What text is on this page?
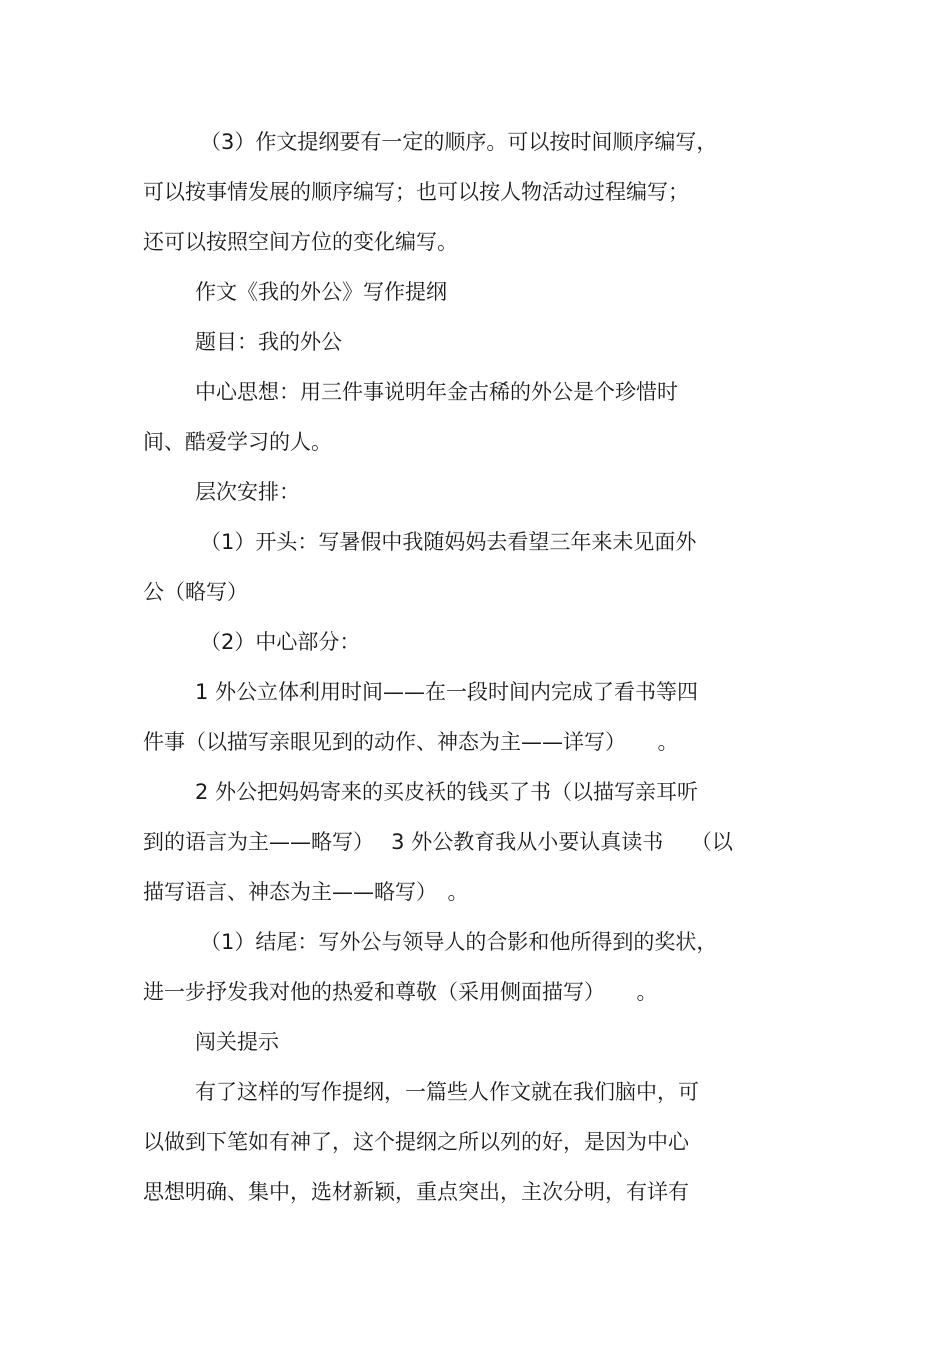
（3）作文提纲要有一定的顺序。可以按时间顺序编写，
可以按事情发展的顺序编写；也可以按人物活动过程编写；
还可以按照空间方位的变化编写。
作文《我的外公》写作提纲
题目：我的外公
中心思想：用三件事说明年金古稀的外公是个珍惜时
间、酷爱学习的人。
层次安排：
（1）开头：写暑假中我随妈妈去看望三年来未见面外
公（略写）
（2）中心部分：
1 外公立体利用时间——在一段时间内完成了看书等四
件事（以描写亲眼见到的动作、神态为主——详写）　　。
2 外公把妈妈寄来的买皮袄的钱买了书（以描写亲耳听
到的语言为主——略写）　 3 外公教育我从小要认真读书　 （以
描写语言、神态为主——略写）　。
（1）结尾：写外公与领导人的合影和他所得到的奖状，
进一步抒发我对他的热爱和尊敬（采用侧面描写）　　。
闯关提示
有了这样的写作提纲，一篇些人作文就在我们脑中，可
以做到下笔如有神了，这个提纲之所以列的好，是因为中心
思想明确、集中，选材新颖，重点突出，主次分明，有详有
